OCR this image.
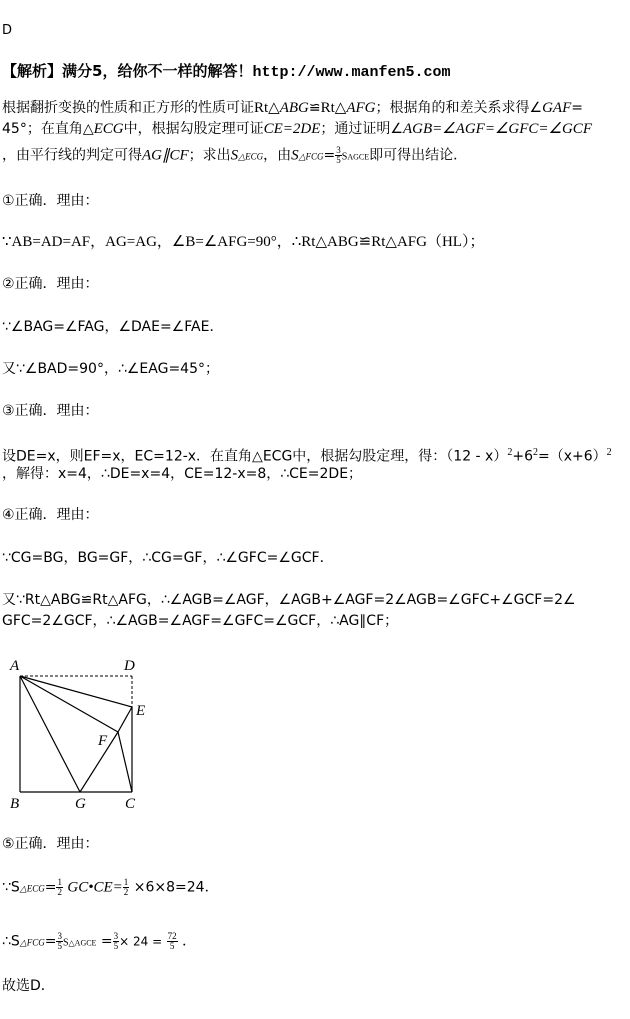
D
【解析】满分5，给你不一样的解答！http://www.manfen5.com
根据翻折变换的性质和正方形的性质可证Rt△ABG≌Rt△AFG；根据角的和差关系求得∠GAF=
45°；在直角△ECG中，根据勾股定理可证CE=2DE；通过证明∠AGB=∠AGF=∠GFC=∠GCF
，由平行线的判定可得AG∥CF；求出S△ECG，由S△FCG= $\frac{3}{5}$ SAGCE即可得出结论．
①正确．理由：
∵AB=AD=AF，AG=AG，∠B=∠AFG=90°，∴Rt△ABG≌Rt△AFG（HL）；
②正确．理由：
∵∠BAG=∠FAG，∠DAE=∠FAE．
又∵∠BAD=90°，∴∠EAG=45°；
③正确．理由：
设DE=x，则EF=x，EC=12-x．在直角△ECG中，根据勾股定理，得：$(12 - x)^2+6^2=(x+6)^2$
，解得：x=4，∴DE=x=4，CE=12-x=8，∴CE=2DE；
④正确．理由：
∵CG=BG，BG=GF，∴CG=GF，∴∠GFC=∠GCF．
又∵Rt△ABG≌Rt△AFG，∴∠AGB=∠AGF，∠AGB+∠AGF=2∠AGB=∠GFC+∠GCF=2∠
GFC=2∠GCF，∴∠AGB=∠AGF=∠GFC=∠GCF，∴AG∥CF；
A	D
E
F
B	G	C
⑤正确．理由：
∵S△ECG= $\frac{1}{2}$ GC•CE= $\frac{1}{2} \times 6\times 8=24$．
∴S△FCG= $\frac{3}{5}$ S△AGCE = $\frac{3}{5} \times 24 = \frac{72}{5}$ ．
故选D．
